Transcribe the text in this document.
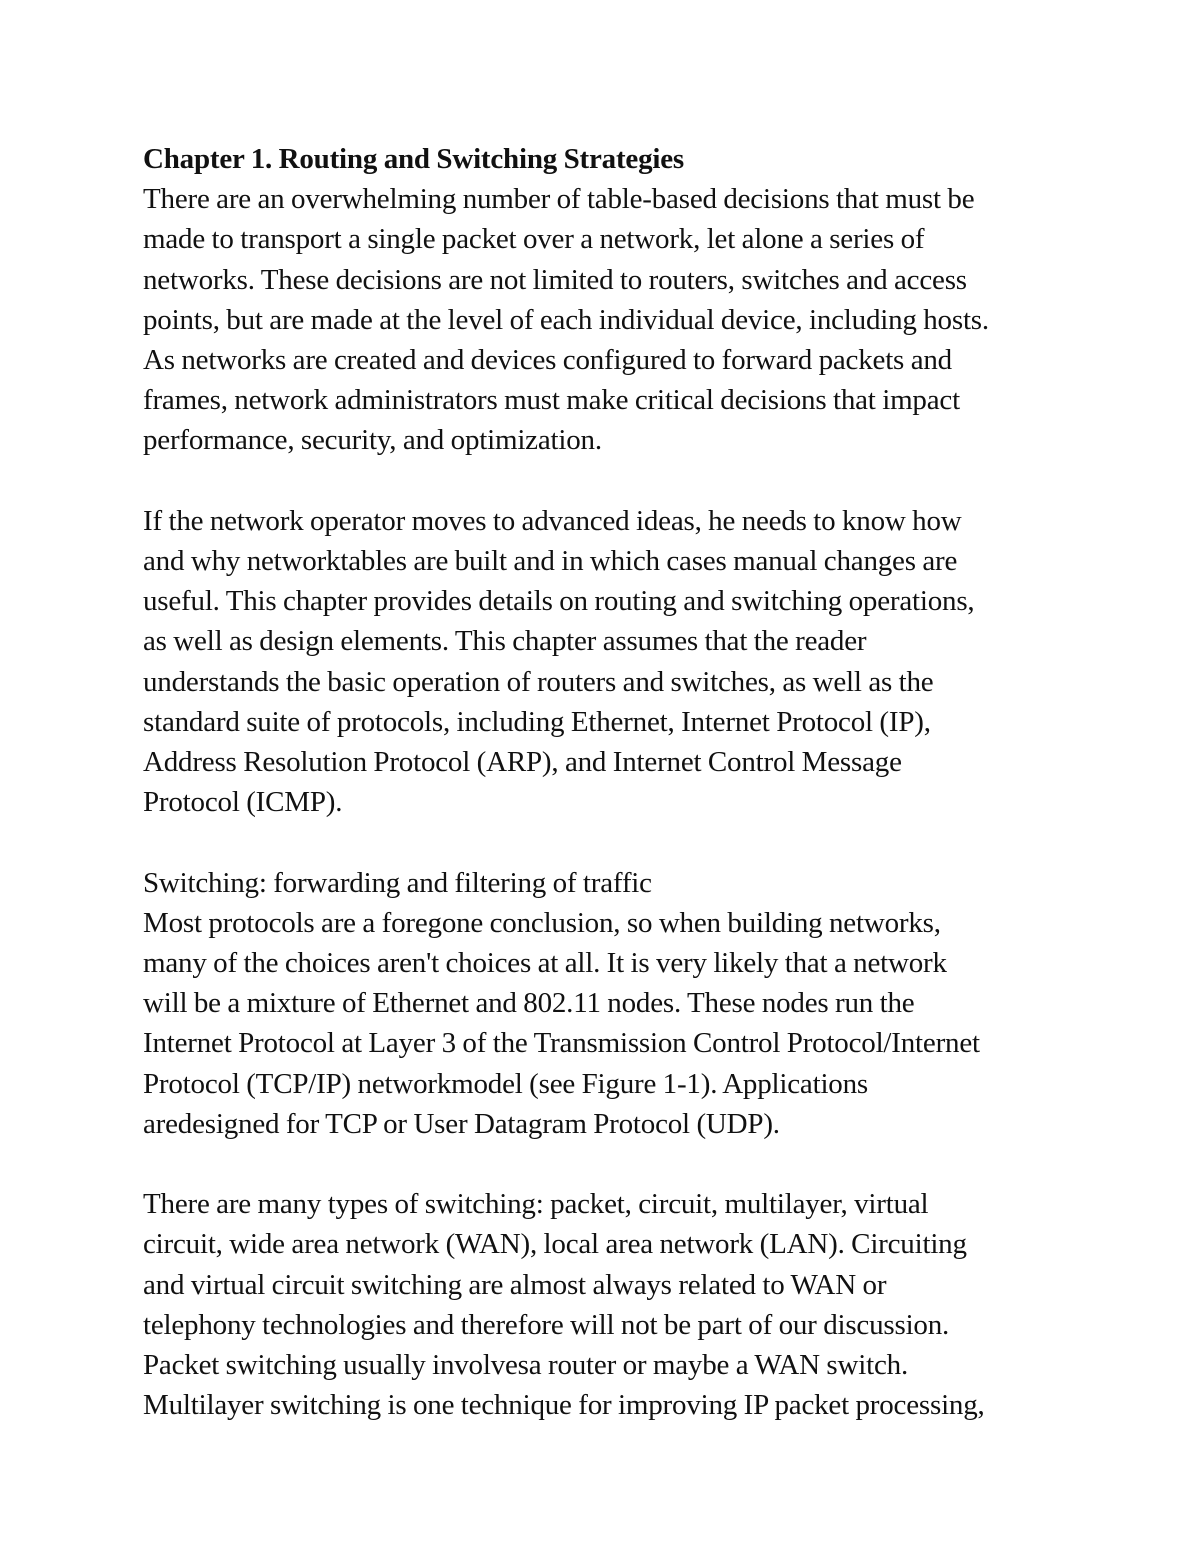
Chapter 1. Routing and Switching Strategies
There are an overwhelming number of table-based decisions that must be
made to transport a single packet over a network, let alone a series of
networks. These decisions are not limited to routers, switches and access
points, but are made at the level of each individual device, including hosts.
As networks are created and devices configured to forward packets and
frames, network administrators must make critical decisions that impact
performance, security, and optimization.
If the network operator moves to advanced ideas, he needs to know how
and why networktables are built and in which cases manual changes are
useful. This chapter provides details on routing and switching operations,
as well as design elements. This chapter assumes that the reader
understands the basic operation of routers and switches, as well as the
standard suite of protocols, including Ethernet, Internet Protocol (IP),
Address Resolution Protocol (ARP), and Internet Control Message
Protocol (ICMP).
Switching: forwarding and filtering of traffic
Most protocols are a foregone conclusion, so when building networks,
many of the choices aren't choices at all. It is very likely that a network
will be a mixture of Ethernet and 802.11 nodes. These nodes run the
Internet Protocol at Layer 3 of the Transmission Control Protocol/Internet
Protocol (TCP/IP) networkmodel (see Figure 1-1). Applications
aredesigned for TCP or User Datagram Protocol (UDP).
There are many types of switching: packet, circuit, multilayer, virtual
circuit, wide area network (WAN), local area network (LAN). Circuiting
and virtual circuit switching are almost always related to WAN or
telephony technologies and therefore will not be part of our discussion.
Packet switching usually involvesa router or maybe a WAN switch.
Multilayer switching is one technique for improving IP packet processing,
